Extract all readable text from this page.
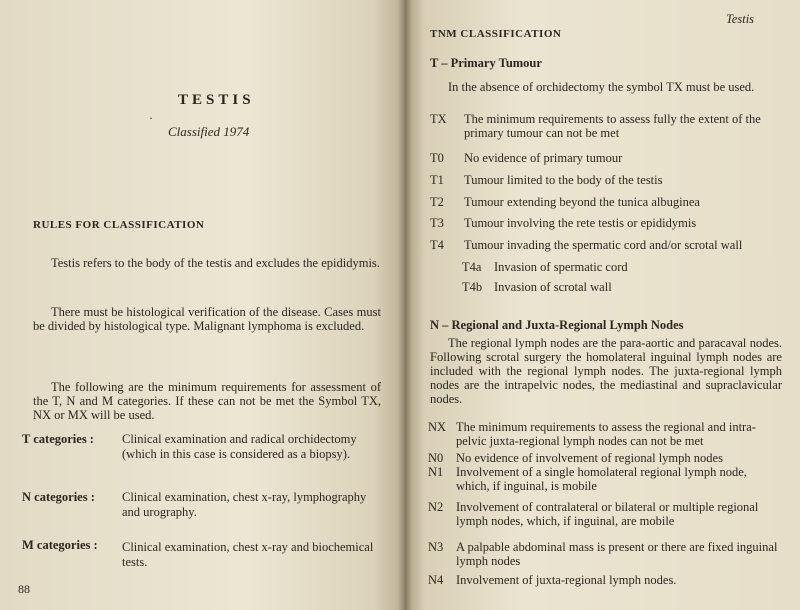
TESTIS
·
Classified 1974
RULES FOR CLASSIFICATION
Testis refers to the body of the testis and excludes the epididymis.
There must be histological verification of the disease. Cases must be divided by histological type. Malignant lymphoma is excluded.
The following are the minimum requirements for assessment of the T, N and M categories. If these can not be met the Symbol TX, NX or MX will be used.
T categories : Clinical examination and radical orchidectomy (which in this case is considered as a biopsy).
N categories : Clinical examination, chest x-ray, lymphography and urography.
M categories : Clinical examination, chest x-ray and biochemical tests.
88
Testis
TNM CLASSIFICATION
T – Primary Tumour
In the absence of orchidectomy the symbol TX must be used.
TX	The minimum requirements to assess fully the extent of the primary tumour can not be met
T0	No evidence of primary tumour
T1	Tumour limited to the body of the testis
T2	Tumour extending beyond the tunica albuginea
T3	Tumour involving the rete testis or epididymis
T4	Tumour invading the spermatic cord and/or scrotal wall
T4a	Invasion of spermatic cord
T4b Invasion of scrotal wall
N – Regional and Juxta-Regional Lymph Nodes
The regional lymph nodes are the para-aortic and paracaval nodes. Following scrotal surgery the homolateral inguinal lymph nodes are included with the regional lymph nodes. The juxta-regional lymph nodes are the intrapelvic nodes, the mediastinal and supraclavicular nodes.
NX The minimum requirements to assess the regional and intra-pelvic juxta-regional lymph nodes can not be met
N0	No evidence of involvement of regional lymph nodes
N1	Involvement of a single homolateral regional lymph node, which, if inguinal, is mobile
N2	Involvement of contralateral or bilateral or multiple regional lymph nodes, which, if inguinal, are mobile
N3	A palpable abdominal mass is present or there are fixed inguinal lymph nodes
N4	Involvement of juxta-regional lymph nodes.
